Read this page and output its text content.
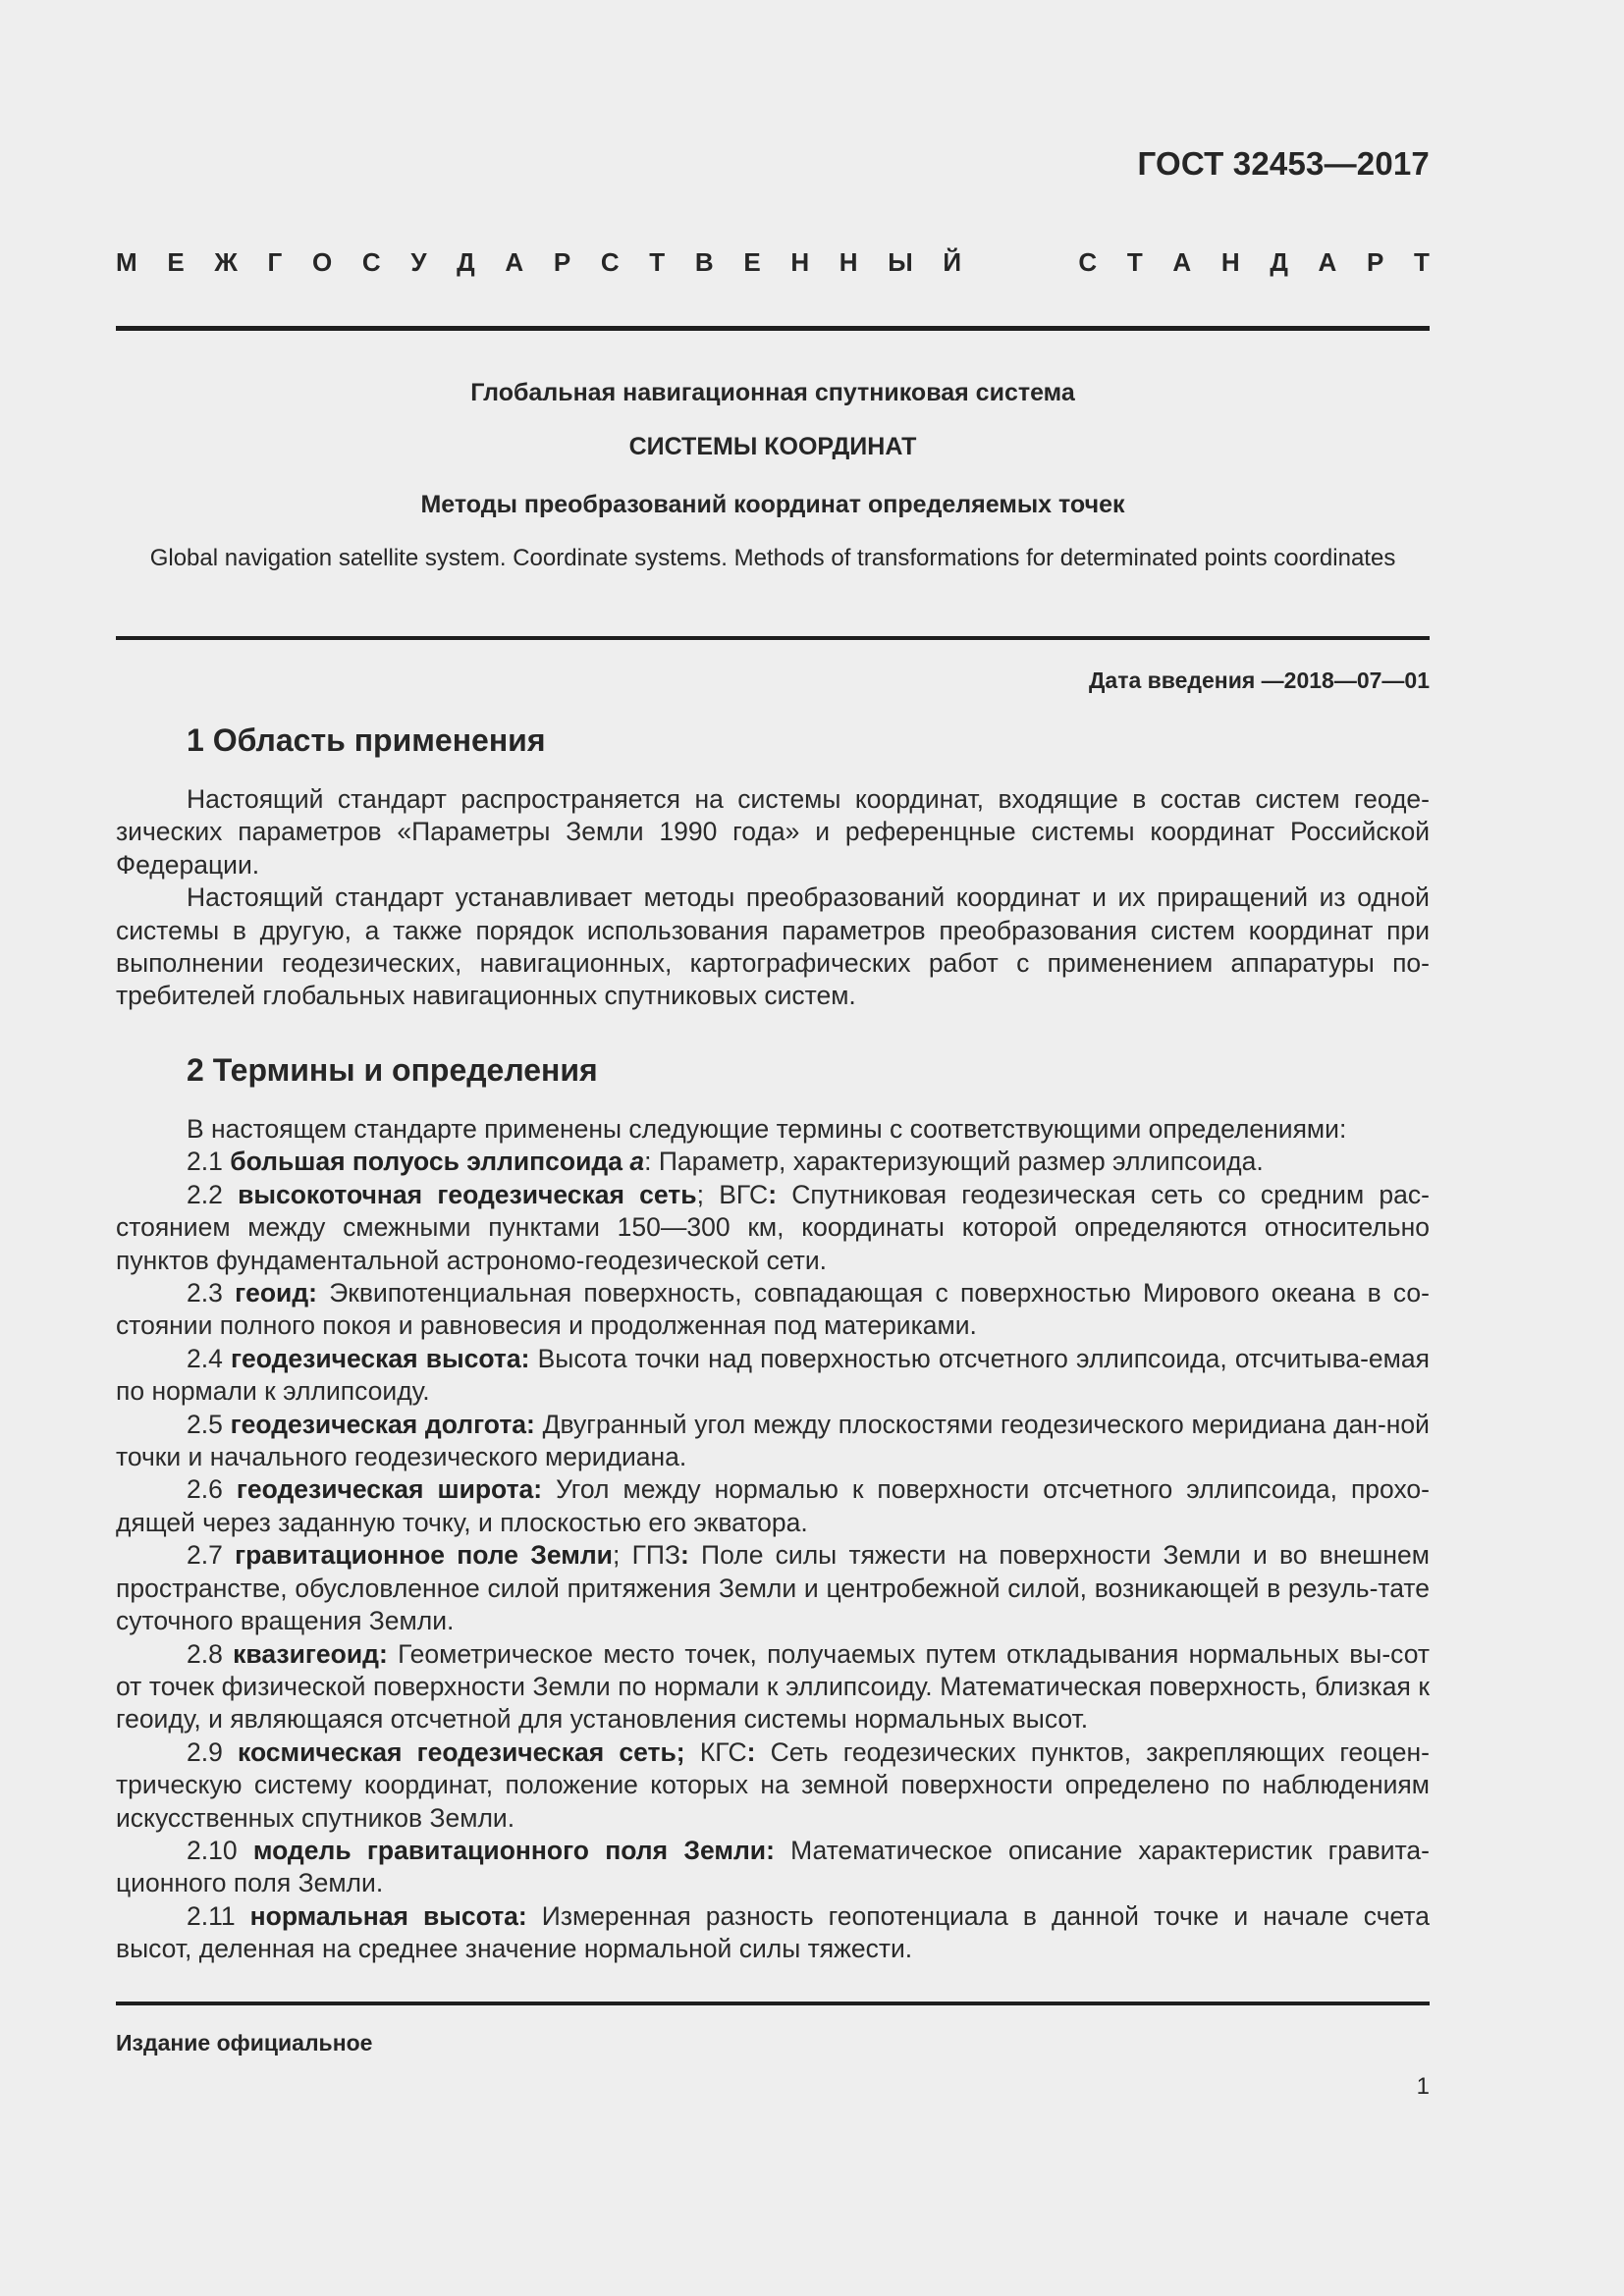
ГОСТ 32453—2017
М Е Ж Г О С У Д А Р С Т В Е Н Н Ы Й	С Т А Н Д А Р Т
Глобальная навигационная спутниковая система
СИСТЕМЫ КООРДИНАТ
Методы преобразований координат определяемых точек
Global navigation satellite system. Coordinate systems. Methods of transformations for determinated points coordinates
Дата введения —2018—07—01
1 Область применения

Настоящий стандарт распространяется на системы координат, входящие в состав систем геоде-зических параметров «Параметры Земли 1990 года» и референцные системы координат Российской Федерации.

Настоящий стандарт устанавливает методы преобразований координат и их приращений из одной системы в другую, а также порядок использования параметров преобразования систем координат при выполнении геодезических, навигационных, картографических работ с применением аппаратуры по-требителей глобальных навигационных спутниковых систем.

2 Термины и определения

В настоящем стандарте применены следующие термины с соответствующими определениями:

2.1 большая полуось эллипсоида a: Параметр, характеризующий размер эллипсоида.

2.2 высокоточная геодезическая сеть; ВГС: Спутниковая геодезическая сеть со средним рас-стоянием между смежными пунктами 150—300 км, координаты которой определяются относительно пунктов фундаментальной астрономо-геодезической сети.

2.3 геоид: Эквипотенциальная поверхность, совпадающая с поверхностью Мирового океана в со-стоянии полного покоя и равновесия и продолженная под материками.

2.4 геодезическая высота: Высота точки над поверхностью отсчетного эллипсоида, отсчитыва-емая по нормали к эллипсоиду.

2.5 геодезическая долгота: Двугранный угол между плоскостями геодезического меридиана дан-ной точки и начального геодезического меридиана.

2.6 геодезическая широта: Угол между нормалью к поверхности отсчетного эллипсоида, прохо-дящей через заданную точку, и плоскостью его экватора.

2.7 гравитационное поле Земли; ГПЗ: Поле силы тяжести на поверхности Земли и во внешнем пространстве, обусловленное силой притяжения Земли и центробежной силой, возникающей в резуль-тате суточного вращения Земли.

2.8 квазигеоид: Геометрическое место точек, получаемых путем откладывания нормальных вы-сот от точек физической поверхности Земли по нормали к эллипсоиду. Математическая поверхность, близкая к геоиду, и являющаяся отсчетной для установления системы нормальных высот.

2.9 космическая геодезическая сеть; КГС: Сеть геодезических пунктов, закрепляющих геоцен-трическую систему координат, положение которых на земной поверхности определено по наблюдениям искусственных спутников Земли.

2.10 модель гравитационного поля Земли: Математическое описание характеристик гравита-ционного поля Земли.

2.11 нормальная высота: Измеренная разность геопотенциала в данной точке и начале счета высот, деленная на среднее значение нормальной силы тяжести.

Издание официальное
1
